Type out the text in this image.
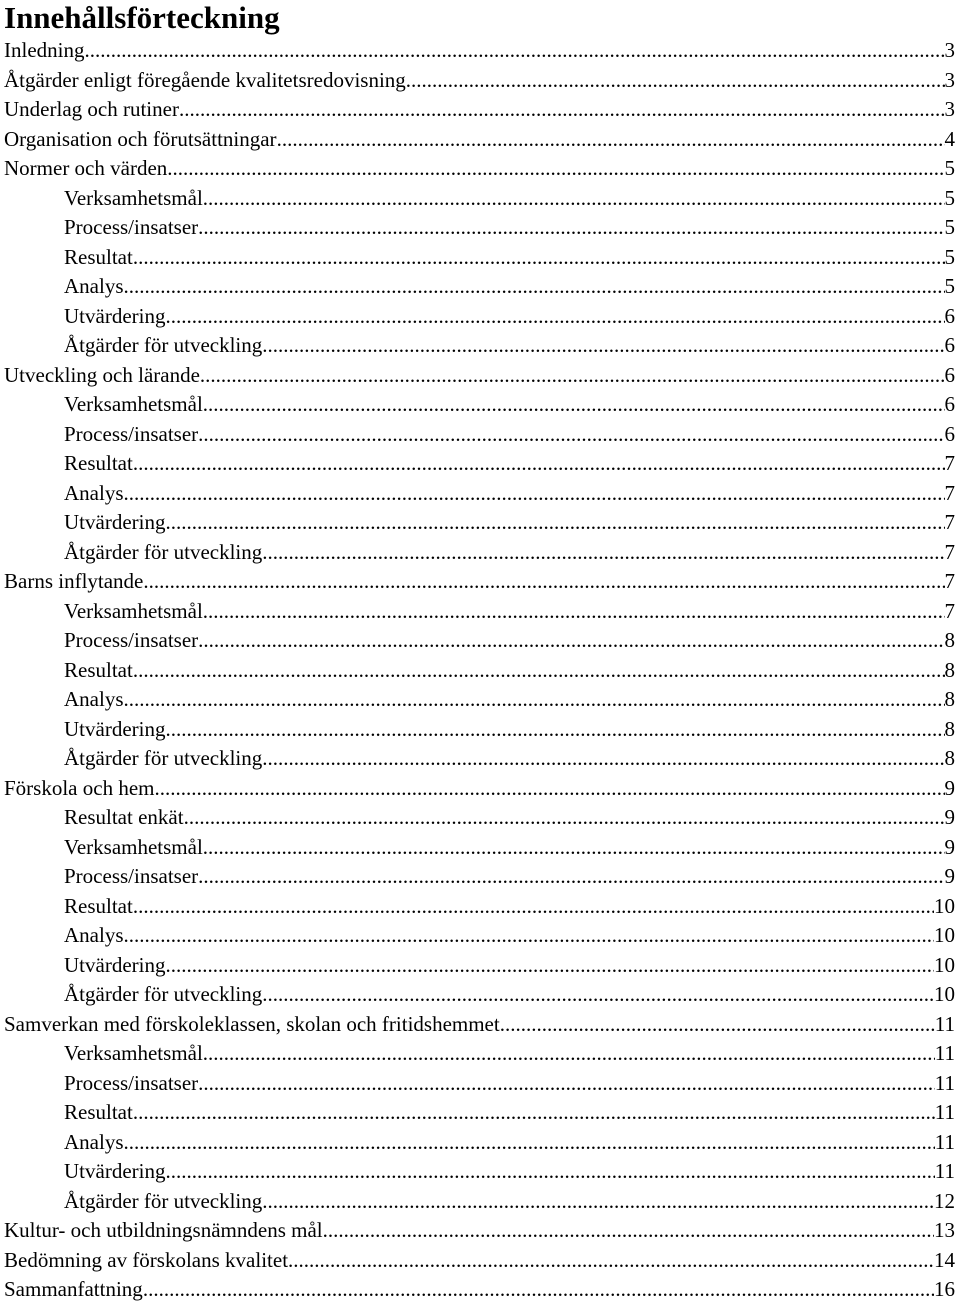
Innehållsförteckning
Inledning .....	3
Åtgärder enligt föregående kvalitetsredovisning .....	3
Underlag och rutiner .....	3
Organisation och förutsättningar .....	4
Normer och värden .....	5
Verksamhetsmål .....	5
Process/insatser .....	5
Resultat .....	5
Analys .....	5
Utvärdering .....	6
Åtgärder för utveckling .....	6
Utveckling och lärande .....	6
Verksamhetsmål .....	6
Process/insatser .....	6
Resultat .....	7
Analys .....	7
Utvärdering .....	7
Åtgärder för utveckling .....	7
Barns inflytande .....	7
Verksamhetsmål .....	7
Process/insatser .....	8
Resultat .....	8
Analys .....	8
Utvärdering .....	8
Åtgärder för utveckling .....	8
Förskola och hem .....	9
Resultat enkät .....	9
Verksamhetsmål .....	9
Process/insatser .....	9
Resultat .....	10
Analys .....	10
Utvärdering .....	10
Åtgärder för utveckling .....	10
Samverkan med förskoleklassen, skolan och fritidshemmet .....	11
Verksamhetsmål .....	11
Process/insatser .....	11
Resultat .....	11
Analys .....	11
Utvärdering .....	11
Åtgärder för utveckling .....	12
Kultur- och utbildningsnämndens mål .....	13
Bedömning av förskolans kvalitet .....	14
Sammanfattning .....	16
